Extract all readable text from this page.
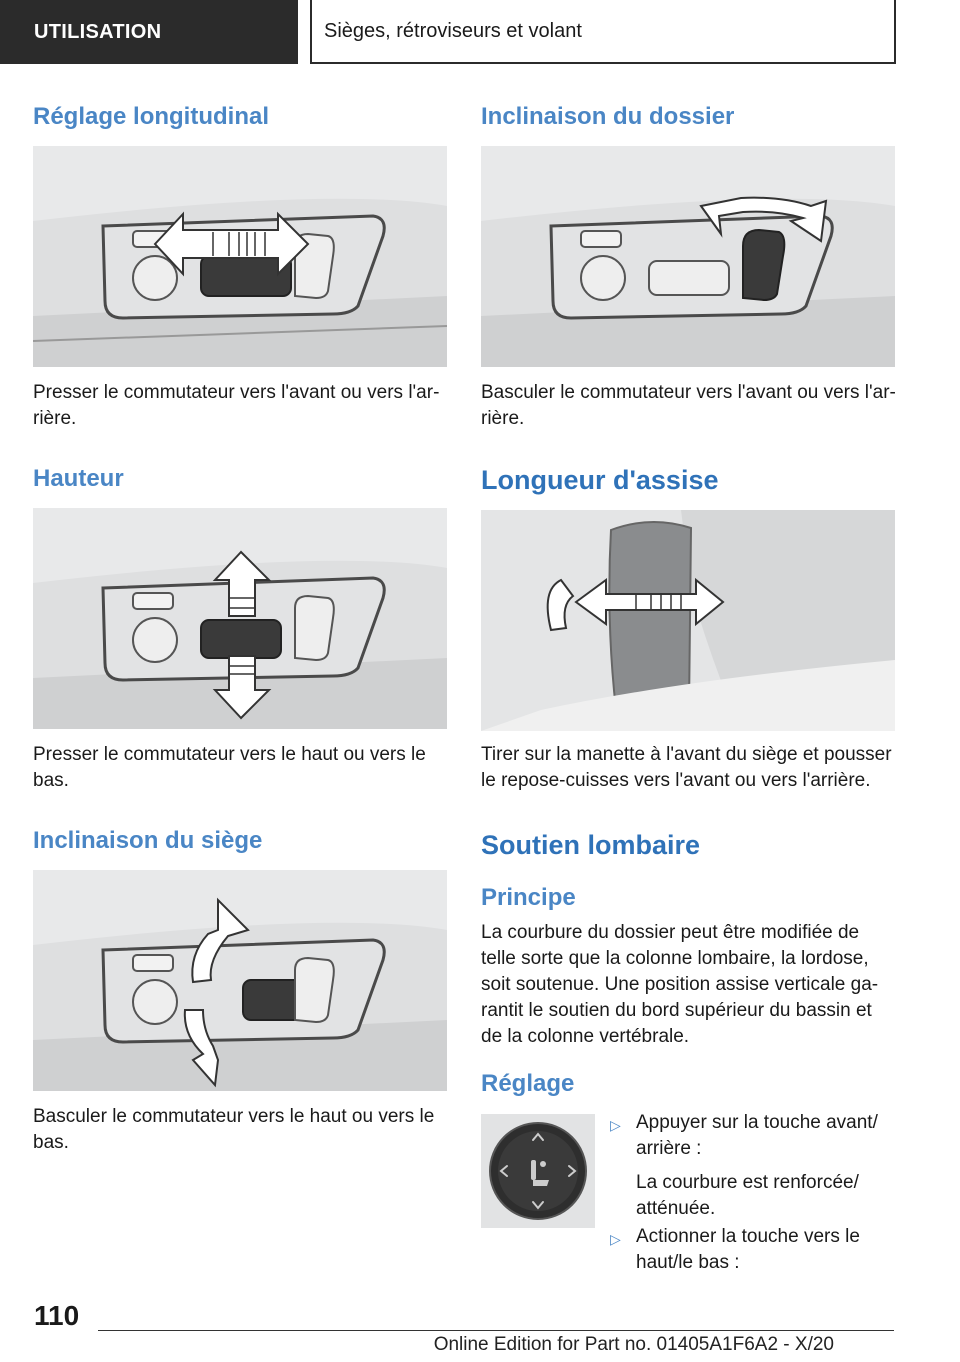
UTILISATION	Sièges, rétroviseurs et volant
Réglage longitudinal

Presser le commutateur vers l'avant ou vers l'ar‐rière.

Hauteur

Presser le commutateur vers le haut ou vers le bas.

Inclinaison du siège

Basculer le commutateur vers le haut ou vers le bas.

Inclinaison du dossier

Basculer le commutateur vers l'avant ou vers l'ar‐rière.

Longueur d'assise

Tirer sur la manette à l'avant du siège et pousser le repose-cuisses vers l'avant ou vers l'arrière.

Soutien lombaire
Principe

La courbure du dossier peut être modifiée de telle sorte que la colonne lombaire, la lordose, soit soutenue. Une position assise verticale ga‐rantit le soutien du bord supérieur du bassin et de la colonne vertébrale.

Réglage
▷ Appuyer sur la touche avant/
arrière :
La courbure est renforcée/
atténuée.
▷ Actionner la touche vers le
haut/le bas :
110
Online Edition for Part no. 01405A1F6A2 - X/20
